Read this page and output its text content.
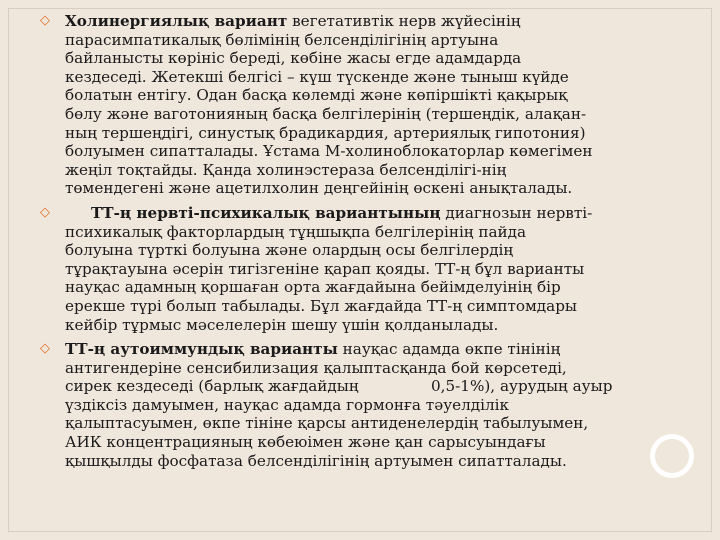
◇ Холинергиялық вариант вегетативтік нерв жүйесінің
парасимпатикалық бөлімінің белсенділігінің артуына
байланысты көрініс береді, көбіне жасы егде адамдарда
кездеседі. Жетекші белгісі – күш түскенде және тыныш күйде
болатын ентігу. Одан басқа көлемді және көпіршікті қақырық
бөлу және ваготонияның басқа белгілерінің (тершеңдік, алақан-
ның тершеңдігі, синустық брадикардия, артериялық гипотония)
болуымен сипатталады. Ұстама М-холиноблокаторлар көмегімен
жеңіл тоқтайды. Қанда холинэстераза белсенділігі-нің
төмендегені және ацетилхолин деңгейінің өскені анықталады.
◇	ТТ-ң нервті-психикалық вариантының диагнозын нервті-
психикалық факторлардың тұңшықпа белгілерінің пайда
болуына түрткі болуына және олардың осы белгілердің
тұрақтауына әсерін тигізгеніне қарап қояды. ТТ-ң бұл варианты
науқас адамның қоршаған орта жағдайына бейімделуінің бір
ерекше түрі болып табылады. Бұл жағдайда ТТ-ң симптомдары
кейбір тұрмыс мәселелерін шешу үшін қолданылады.
◇ ТТ-ң аутоиммундық варианты науқас адамда өкпе тінінің
антигендеріне сенсибилизация қалыптасқанда бой көрсетеді,
сирек кездеседі (барлық жағдайдың               0,5-1%), аурудың ауыр
үздіксіз дамуымен, науқас адамда гормонға тәуелділік
қалыптасуымен, өкпе тініне қарсы антиденелердің табылуымен,
АИК концентрацияның көбеюімен және қан сарысуындағы
қышқылды фосфатаза белсенділігінің артуымен сипатталады.
